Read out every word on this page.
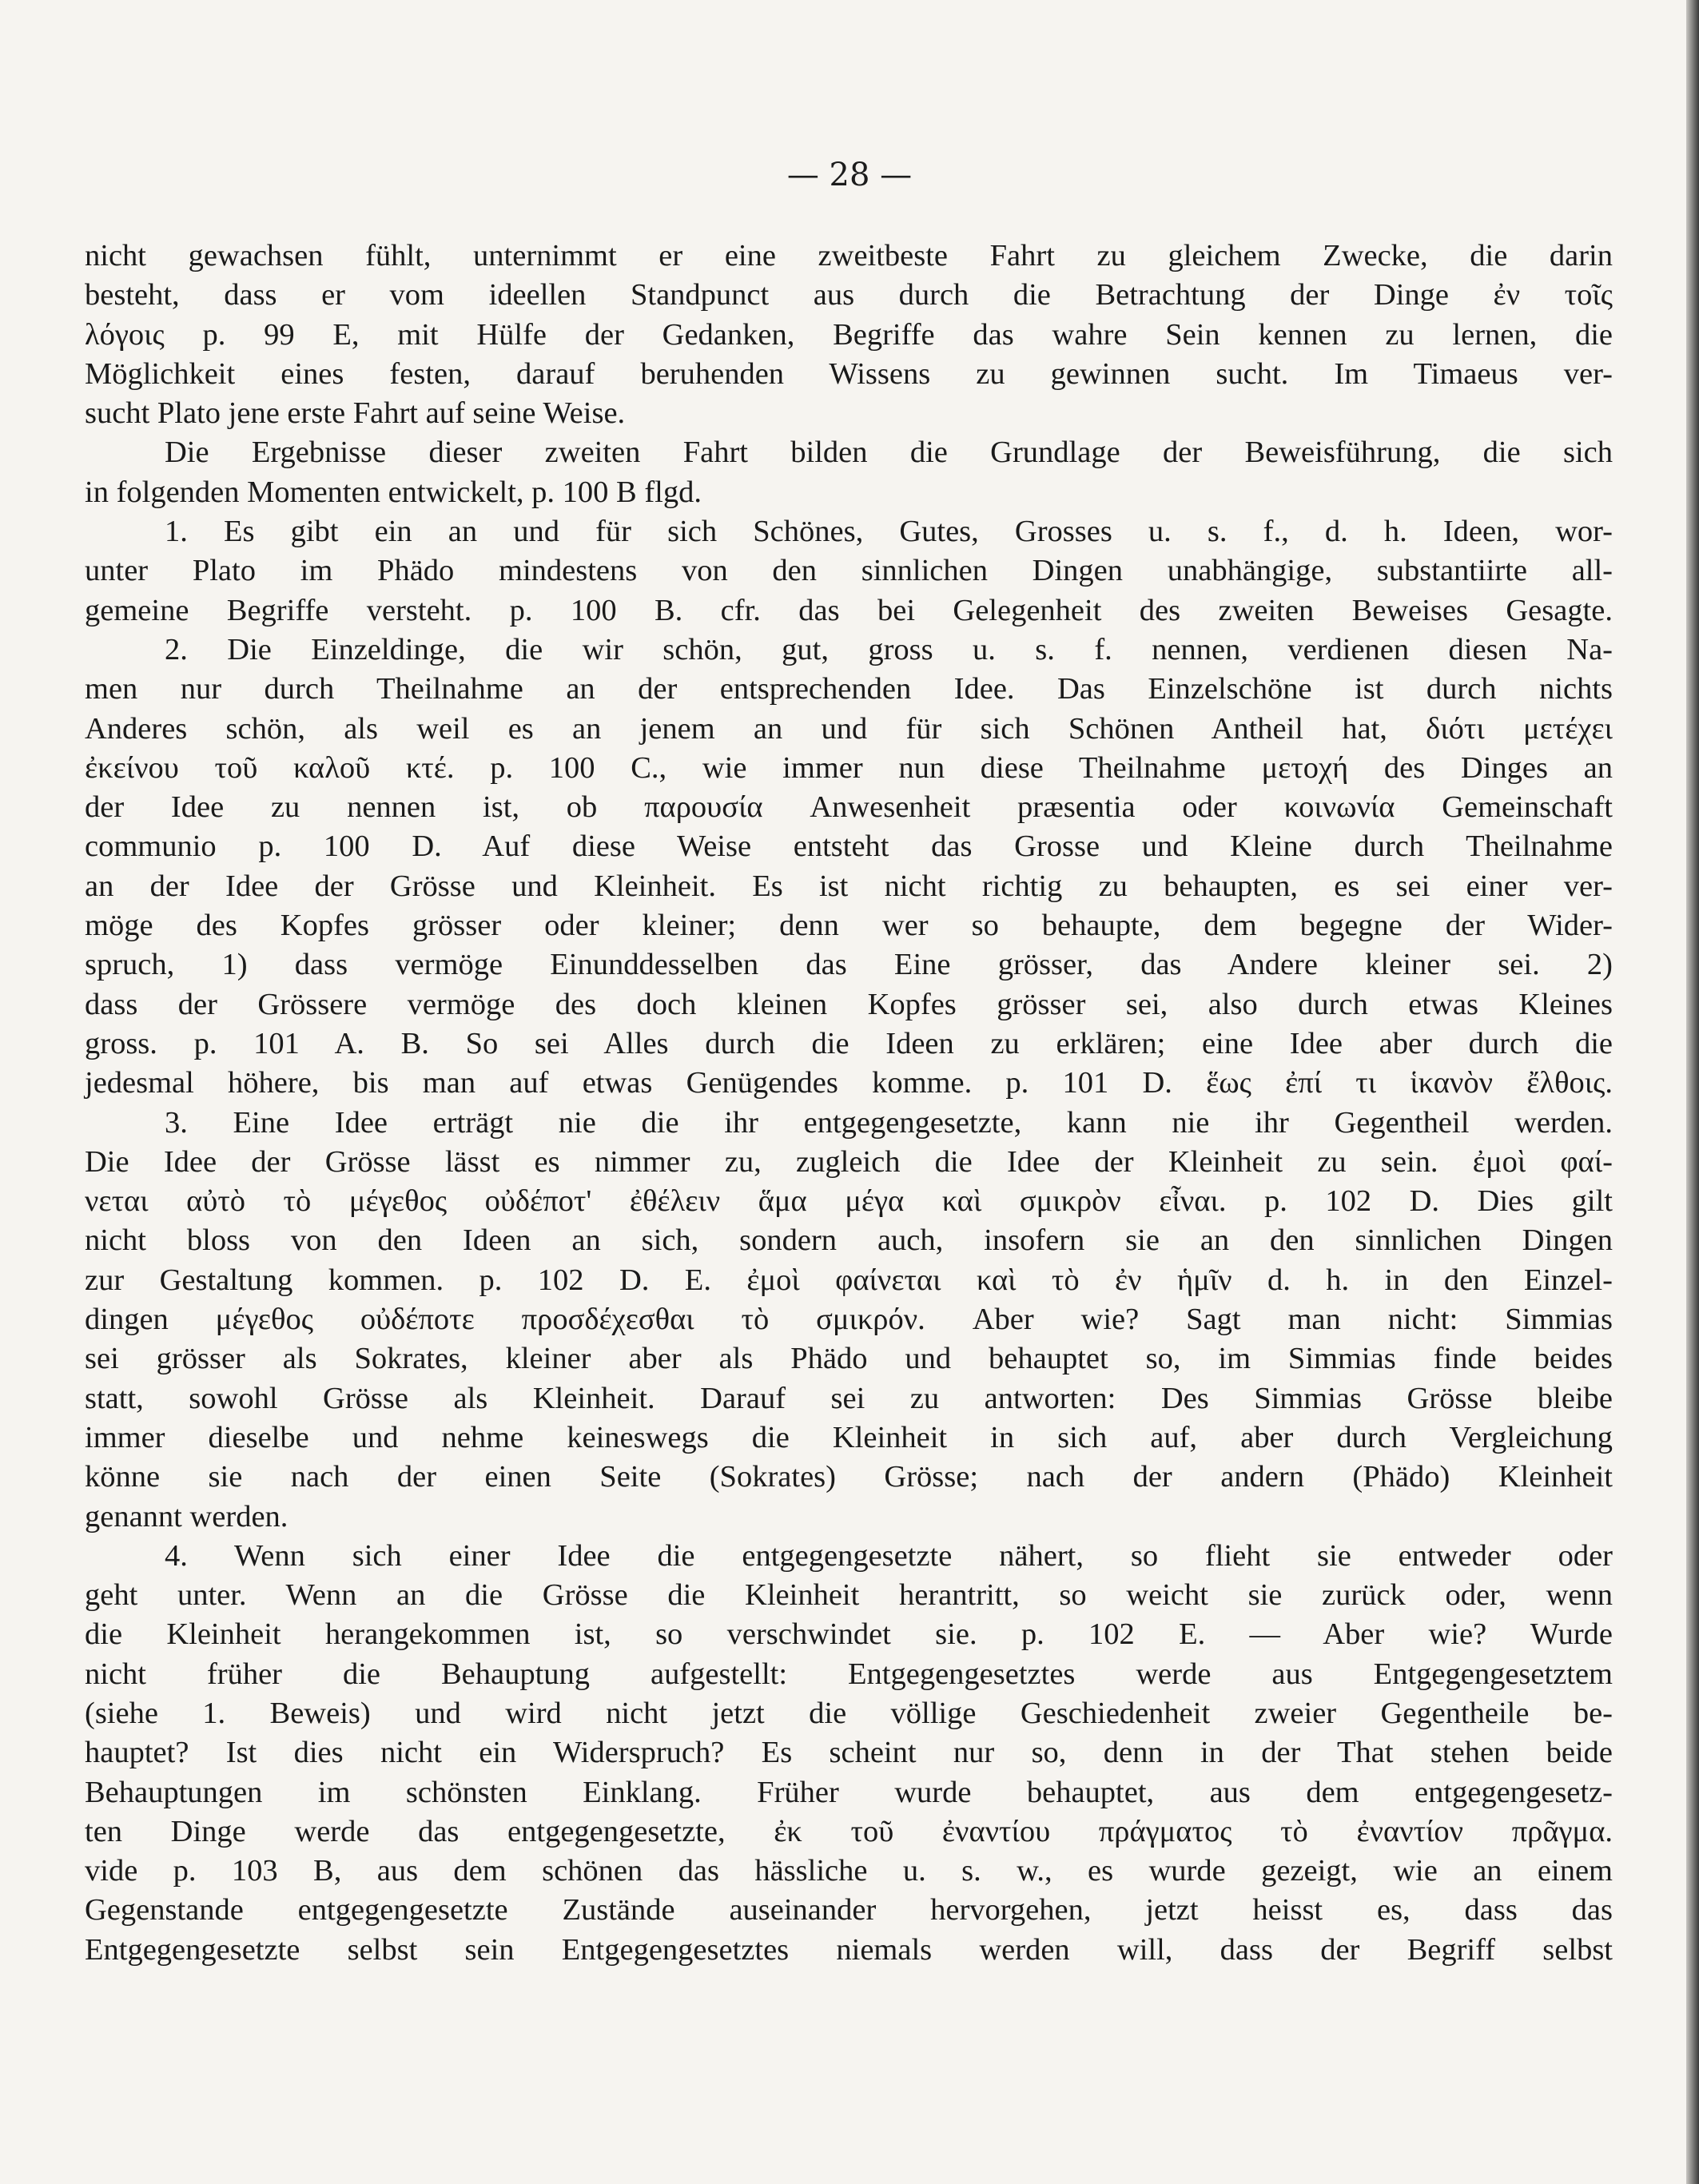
— 28 —
nicht gewachsen fühlt, unternimmt er eine zweitbeste Fahrt zu gleichem Zwecke, die darin
besteht, dass er vom ideellen Standpunct aus durch die Betrachtung der Dinge ἐν τοῖς
λόγοις p. 99 E, mit Hülfe der Gedanken, Begriffe das wahre Sein kennen zu lernen, die
Möglichkeit eines festen, darauf beruhenden Wissens zu gewinnen sucht. Im Timaeus ver-
sucht Plato jene erste Fahrt auf seine Weise.
Die Ergebnisse dieser zweiten Fahrt bilden die Grundlage der Beweisführung, die sich
in folgenden Momenten entwickelt, p. 100 B flgd.
1. Es gibt ein an und für sich Schönes, Gutes, Grosses u. s. f., d. h. Ideen, wor-
unter Plato im Phädo mindestens von den sinnlichen Dingen unabhängige, substantiirte all-
gemeine Begriffe versteht. p. 100 B. cfr. das bei Gelegenheit des zweiten Beweises Gesagte.
2. Die Einzeldinge, die wir schön, gut, gross u. s. f. nennen, verdienen diesen Na-
men nur durch Theilnahme an der entsprechenden Idee. Das Einzelschöne ist durch nichts
Anderes schön, als weil es an jenem an und für sich Schönen Antheil hat, διότι μετέχει
ἐκείνου τοῦ καλοῦ κτέ. p. 100 C., wie immer nun diese Theilnahme μετοχή des Dinges an
der Idee zu nennen ist, ob παρουσία Anwesenheit præsentia oder κοινωνία Gemeinschaft
communio p. 100 D. Auf diese Weise entsteht das Grosse und Kleine durch Theilnahme
an der Idee der Grösse und Kleinheit. Es ist nicht richtig zu behaupten, es sei einer ver-
möge des Kopfes grösser oder kleiner; denn wer so behaupte, dem begegne der Wider-
spruch, 1) dass vermöge Einunddesselben das Eine grösser, das Andere kleiner sei. 2)
dass der Grössere vermöge des doch kleinen Kopfes grösser sei, also durch etwas Kleines
gross. p. 101 A. B. So sei Alles durch die Ideen zu erklären; eine Idee aber durch die
jedesmal höhere, bis man auf etwas Genügendes komme. p. 101 D. ἕως ἐπί τι ἱκανὸν ἔλθοις.
3. Eine Idee erträgt nie die ihr entgegengesetzte, kann nie ihr Gegentheil werden.
Die Idee der Grösse lässt es nimmer zu, zugleich die Idee der Kleinheit zu sein. ἐμοὶ φαί-
νεται αὐτὸ τὸ μέγεθος οὐδέποτ' ἐθέλειν ἅμα μέγα καὶ σμικρὸν εἶναι. p. 102 D. Dies gilt
nicht bloss von den Ideen an sich, sondern auch, insofern sie an den sinnlichen Dingen
zur Gestaltung kommen. p. 102 D. E. ἐμοὶ φαίνεται καὶ τὸ ἐν ἡμῖν d. h. in den Einzel-
dingen μέγεθος οὐδέποτε προσδέχεσθαι τὸ σμικρόν. Aber wie? Sagt man nicht: Simmias
sei grösser als Sokrates, kleiner aber als Phädo und behauptet so, im Simmias finde beides
statt, sowohl Grösse als Kleinheit. Darauf sei zu antworten: Des Simmias Grösse bleibe
immer dieselbe und nehme keineswegs die Kleinheit in sich auf, aber durch Vergleichung
könne sie nach der einen Seite (Sokrates) Grösse; nach der andern (Phädo) Kleinheit
genannt werden.
4. Wenn sich einer Idee die entgegengesetzte nähert, so flieht sie entweder oder
geht unter. Wenn an die Grösse die Kleinheit herantritt, so weicht sie zurück oder, wenn
die Kleinheit herangekommen ist, so verschwindet sie. p. 102 E. — Aber wie? Wurde
nicht früher die Behauptung aufgestellt: Entgegengesetztes werde aus Entgegengesetztem
(siehe 1. Beweis) und wird nicht jetzt die völlige Geschiedenheit zweier Gegentheile be-
hauptet? Ist dies nicht ein Widerspruch? Es scheint nur so, denn in der That stehen beide
Behauptungen im schönsten Einklang. Früher wurde behauptet, aus dem entgegengesetz-
ten Dinge werde das entgegengesetzte, ἐκ τοῦ ἐναντίου πράγματος τὸ ἐναντίον πρᾶγμα.
vide p. 103 B, aus dem schönen das hässliche u. s. w., es wurde gezeigt, wie an einem
Gegenstande entgegengesetzte Zustände auseinander hervorgehen, jetzt heisst es, dass das
Entgegengesetzte selbst sein Entgegengesetztes niemals werden will, dass der Begriff selbst
